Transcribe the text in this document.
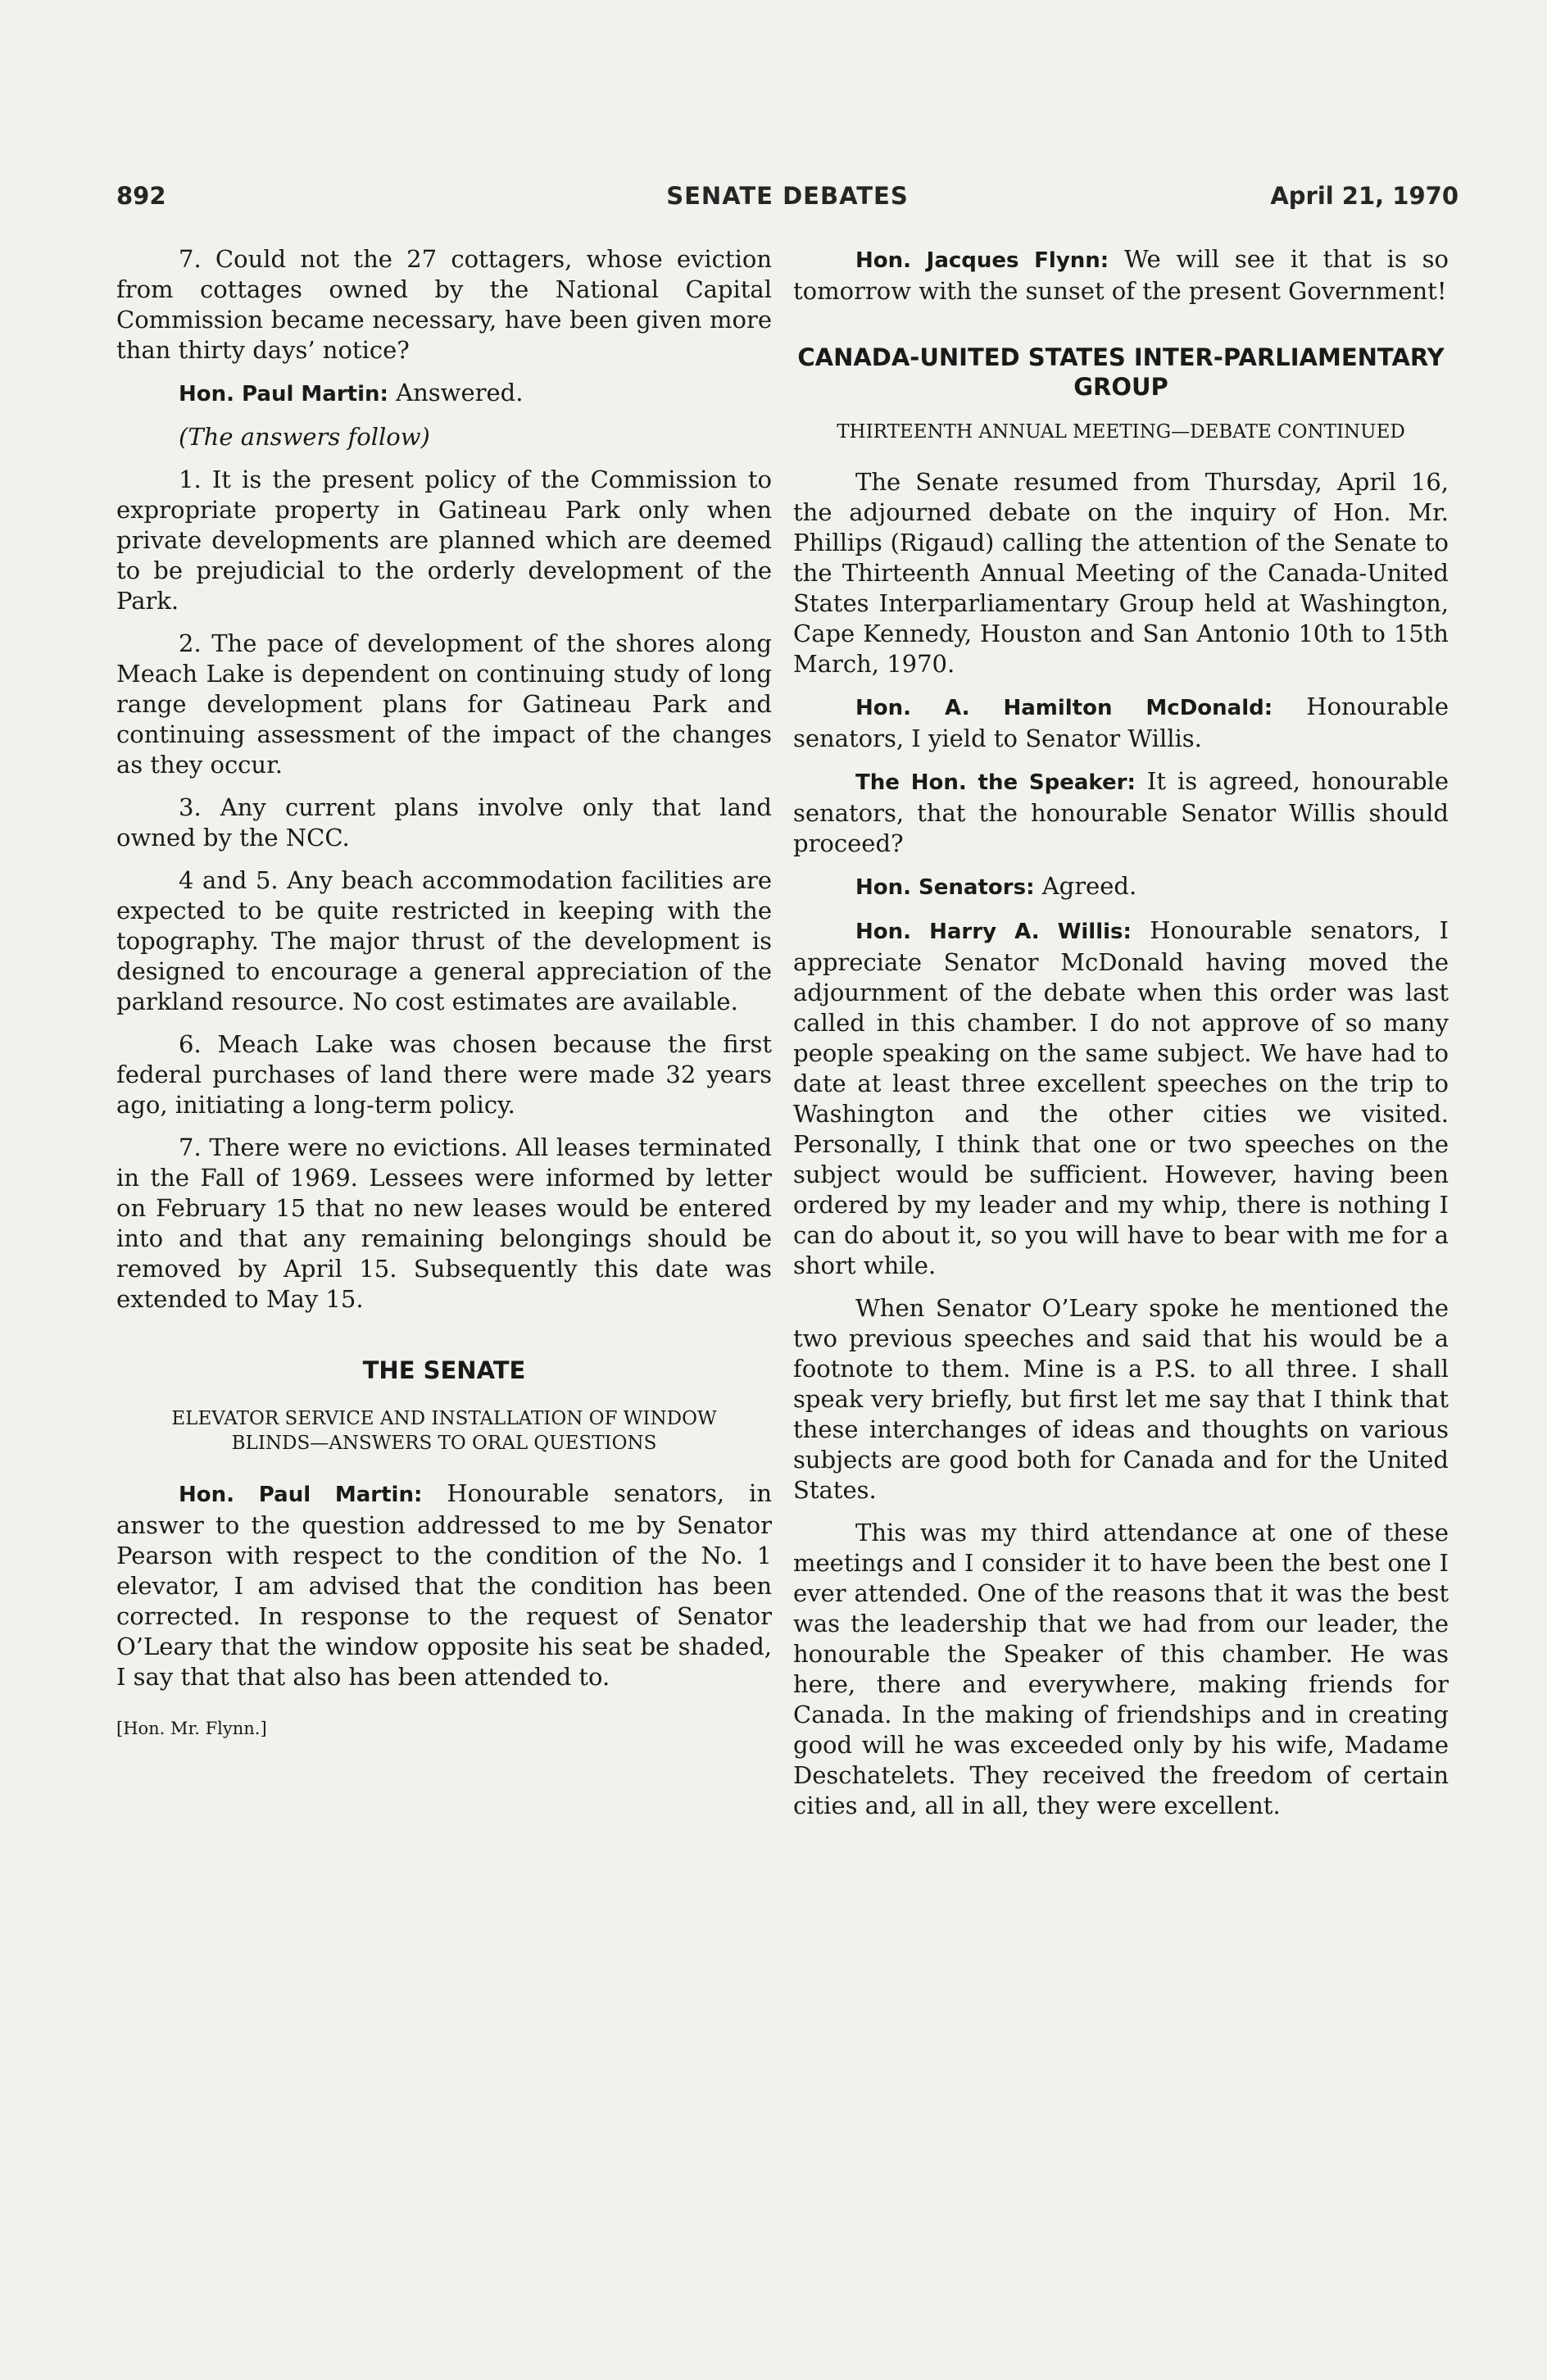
892	SENATE DEBATES	April 21, 1970

7. Could not the 27 cottagers, whose eviction from cottages owned by the National Capital Commission became necessary, have been given more than thirty days’ notice?

Hon. Paul Martin: Answered.

(The answers follow)

1. It is the present policy of the Commission to expropriate property in Gatineau Park only when private developments are planned which are deemed to be prejudicial to the orderly development of the Park.

2. The pace of development of the shores along Meach Lake is dependent on continuing study of long range development plans for Gatineau Park and continuing assessment of the impact of the changes as they occur.

3. Any current plans involve only that land owned by the NCC.

4 and 5. Any beach accommodation facilities are expected to be quite restricted in keeping with the topography. The major thrust of the development is designed to encourage a general appreciation of the parkland resource. No cost estimates are available.

6. Meach Lake was chosen because the first federal purchases of land there were made 32 years ago, initiating a long-term policy.

7. There were no evictions. All leases terminated in the Fall of 1969. Lessees were informed by letter on February 15 that no new leases would be entered into and that any remaining belongings should be removed by April 15. Subsequently this date was extended to May 15.

THE SENATE
ELEVATOR SERVICE AND INSTALLATION OF WINDOW BLINDS—ANSWERS TO ORAL QUESTIONS

Hon. Paul Martin: Honourable senators, in answer to the question addressed to me by Senator Pearson with respect to the condition of the No. 1 elevator, I am advised that the condition has been corrected. In response to the request of Senator O’Leary that the window opposite his seat be shaded, I say that that also has been attended to.

[Hon. Mr. Flynn.]

Hon. Jacques Flynn: We will see it that is so tomorrow with the sunset of the present Government!

CANADA-UNITED STATES INTER-PARLIAMENTARY GROUP
THIRTEENTH ANNUAL MEETING—DEBATE CONTINUED

The Senate resumed from Thursday, April 16, the adjourned debate on the inquiry of Hon. Mr. Phillips (Rigaud) calling the attention of the Senate to the Thirteenth Annual Meeting of the Canada-United States Interparliamentary Group held at Washington, Cape Kennedy, Houston and San Antonio 10th to 15th March, 1970.

Hon. A. Hamilton McDonald: Honourable senators, I yield to Senator Willis.

The Hon. the Speaker: It is agreed, honourable senators, that the honourable Senator Willis should proceed?

Hon. Senators: Agreed.

Hon. Harry A. Willis: Honourable senators, I appreciate Senator McDonald having moved the adjournment of the debate when this order was last called in this chamber. I do not approve of so many people speaking on the same subject. We have had to date at least three excellent speeches on the trip to Washington and the other cities we visited. Personally, I think that one or two speeches on the subject would be sufficient. However, having been ordered by my leader and my whip, there is nothing I can do about it, so you will have to bear with me for a short while.

When Senator O’Leary spoke he mentioned the two previous speeches and said that his would be a footnote to them. Mine is a P.S. to all three. I shall speak very briefly, but first let me say that I think that these interchanges of ideas and thoughts on various subjects are good both for Canada and for the United States.

This was my third attendance at one of these meetings and I consider it to have been the best one I ever attended. One of the reasons that it was the best was the leadership that we had from our leader, the honourable the Speaker of this chamber. He was here, there and everywhere, making friends for Canada. In the making of friendships and in creating good will he was exceeded only by his wife, Madame Deschatelets. They received the freedom of certain cities and, all in all, they were excellent.
